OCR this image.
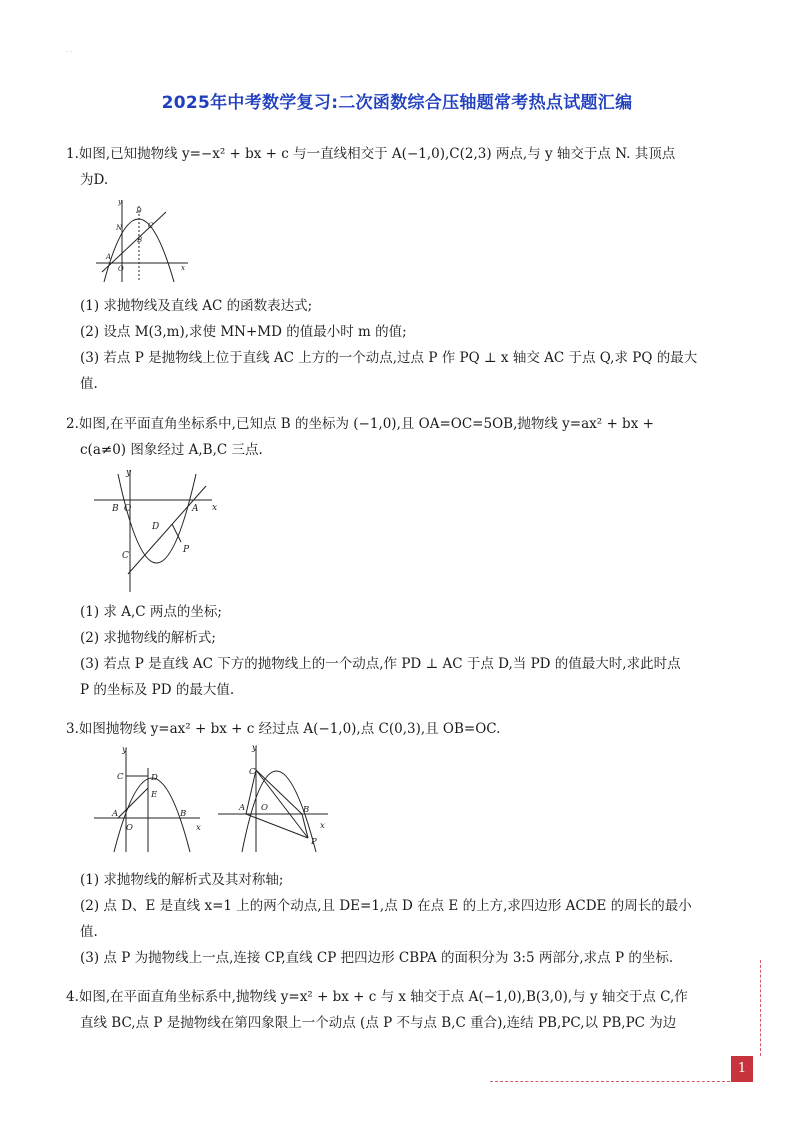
. .
2025年中考数学复习:二次函数综合压轴题常考热点试题汇编

1.如图,已知抛物线 y=−x² + bx + c 与一直线相交于 A(−1,0),C(2,3) 两点,与 y 轴交于点 N. 其顶点

为D.

y
x
D
N	C
B
A
O

(1) 求抛物线及直线 AC 的函数表达式;

(2) 设点 M(3,m),求使 MN+MD 的值最小时 m 的值;

(3) 若点 P 是抛物线上位于直线 AC 上方的一个动点,过点 P 作 PQ ⊥ x 轴交 AC 于点 Q,求 PQ 的最大

值.

2.如图,在平面直角坐标系中,已知点 B 的坐标为 (−1,0),且 OA=OC=5OB,抛物线 y=ax² + bx +

c(a≠0) 图象经过 A,B,C 三点.

y
x
B O	A
C
D
P

(1) 求 A,C 两点的坐标;

(2) 求抛物线的解析式;

(3) 若点 P 是直线 AC 下方的抛物线上的一个动点,作 PD ⊥ AC 于点 D,当 PD 的值最大时,求此时点

P 的坐标及 PD 的最大值.

3.如图抛物线 y=ax² + bx + c 经过点 A(−1,0),点 C(0,3),且 OB=OC.

y
x
C	D
E
A
O
B
y
x
C
A O	B
P

(1) 求抛物线的解析式及其对称轴;

(2) 点 D、E 是直线 x=1 上的两个动点,且 DE=1,点 D 在点 E 的上方,求四边形 ACDE 的周长的最小

值.

(3) 点 P 为抛物线上一点,连接 CP,直线 CP 把四边形 CBPA 的面积分为 3:5 两部分,求点 P 的坐标.

4.如图,在平面直角坐标系中,抛物线 y=x² + bx + c 与 x 轴交于点 A(−1,0),B(3,0),与 y 轴交于点 C,作

直线 BC,点 P 是抛物线在第四象限上一个动点 (点 P 不与点 B,C 重合),连结 PB,PC,以 PB,PC 为边

1
